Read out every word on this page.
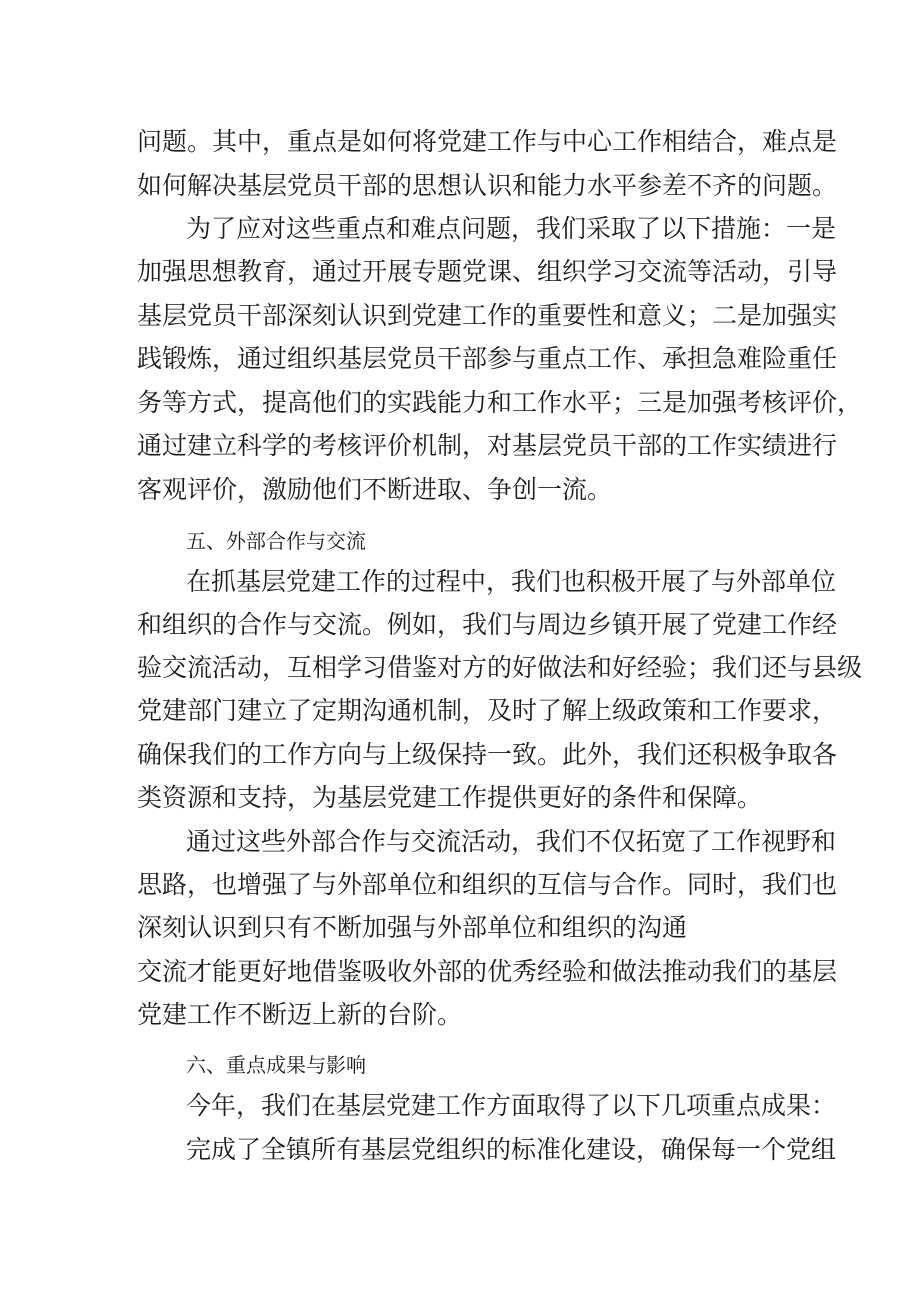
问题。其中，重点是如何将党建工作与中心工作相结合，难点是
如何解决基层党员干部的思想认识和能力水平参差不齐的问题。
为了应对这些重点和难点问题，我们采取了以下措施：一是
加强思想教育，通过开展专题党课、组织学习交流等活动，引导
基层党员干部深刻认识到党建工作的重要性和意义；二是加强实
践锻炼，通过组织基层党员干部参与重点工作、承担急难险重任
务等方式，提高他们的实践能力和工作水平；三是加强考核评价，
通过建立科学的考核评价机制，对基层党员干部的工作实绩进行
客观评价，激励他们不断进取、争创一流。
五、外部合作与交流
在抓基层党建工作的过程中，我们也积极开展了与外部单位
和组织的合作与交流。例如，我们与周边乡镇开展了党建工作经
验交流活动，互相学习借鉴对方的好做法和好经验；我们还与县级
党建部门建立了定期沟通机制，及时了解上级政策和工作要求，
确保我们的工作方向与上级保持一致。此外，我们还积极争取各
类资源和支持，为基层党建工作提供更好的条件和保障。
通过这些外部合作与交流活动，我们不仅拓宽了工作视野和
思路，也增强了与外部单位和组织的互信与合作。同时，我们也
深刻认识到只有不断加强与外部单位和组织的沟通
交流才能更好地借鉴吸收外部的优秀经验和做法推动我们的基层
党建工作不断迈上新的台阶。
六、重点成果与影响
今年，我们在基层党建工作方面取得了以下几项重点成果：
完成了全镇所有基层党组织的标准化建设，确保每一个党组
